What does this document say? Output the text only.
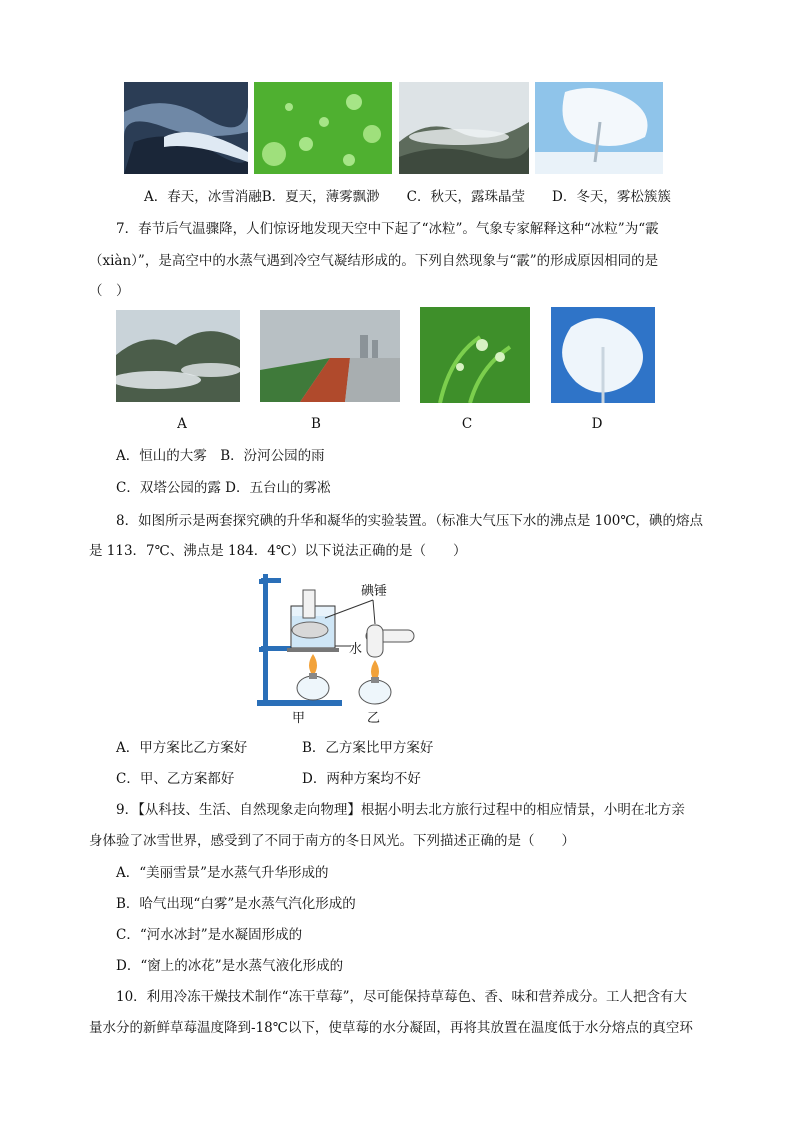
A．春天，冰雪消融B．夏天，薄雾飘渺　　C．秋天，露珠晶莹　　D．冬天，雾松簇簇
7．春节后气温骤降，人们惊讶地发现天空中下起了“冰粒”。气象专家解释这种“冰粒”为“霰
（xiàn）”，是高空中的水蒸气遇到冷空气凝结形成的。下列自然现象与“霰”的形成原因相同的是
（　）
A	B	C	D
A．恒山的大雾　B．汾河公园的雨
C．双塔公园的露 D．五台山的雾凇
8．如图所示是两套探究碘的升华和凝华的实验装置。（标准大气压下水的沸点是 100℃，碘的熔点
是 113．7℃、沸点是 184．4℃）以下说法正确的是（　　）
碘锤
水
甲	乙
A．甲方案比乙方案好	B．乙方案比甲方案好
C．甲、乙方案都好	D．两种方案均不好
9．【从科技、生活、自然现象走向物理】根据小明去北方旅行过程中的相应情景，小明在北方亲
身体验了冰雪世界，感受到了不同于南方的冬日风光。下列描述正确的是（　　）
A．“美丽雪景”是水蒸气升华形成的
B．哈气出现“白雾”是水蒸气汽化形成的
C．“河水冰封”是水凝固形成的
D．“窗上的冰花”是水蒸气液化形成的
10．利用冷冻干燥技术制作“冻干草莓”，尽可能保持草莓色、香、味和营养成分。工人把含有大
量水分的新鲜草莓温度降到-18℃以下，使草莓的水分凝固，再将其放置在温度低于水分熔点的真空环
